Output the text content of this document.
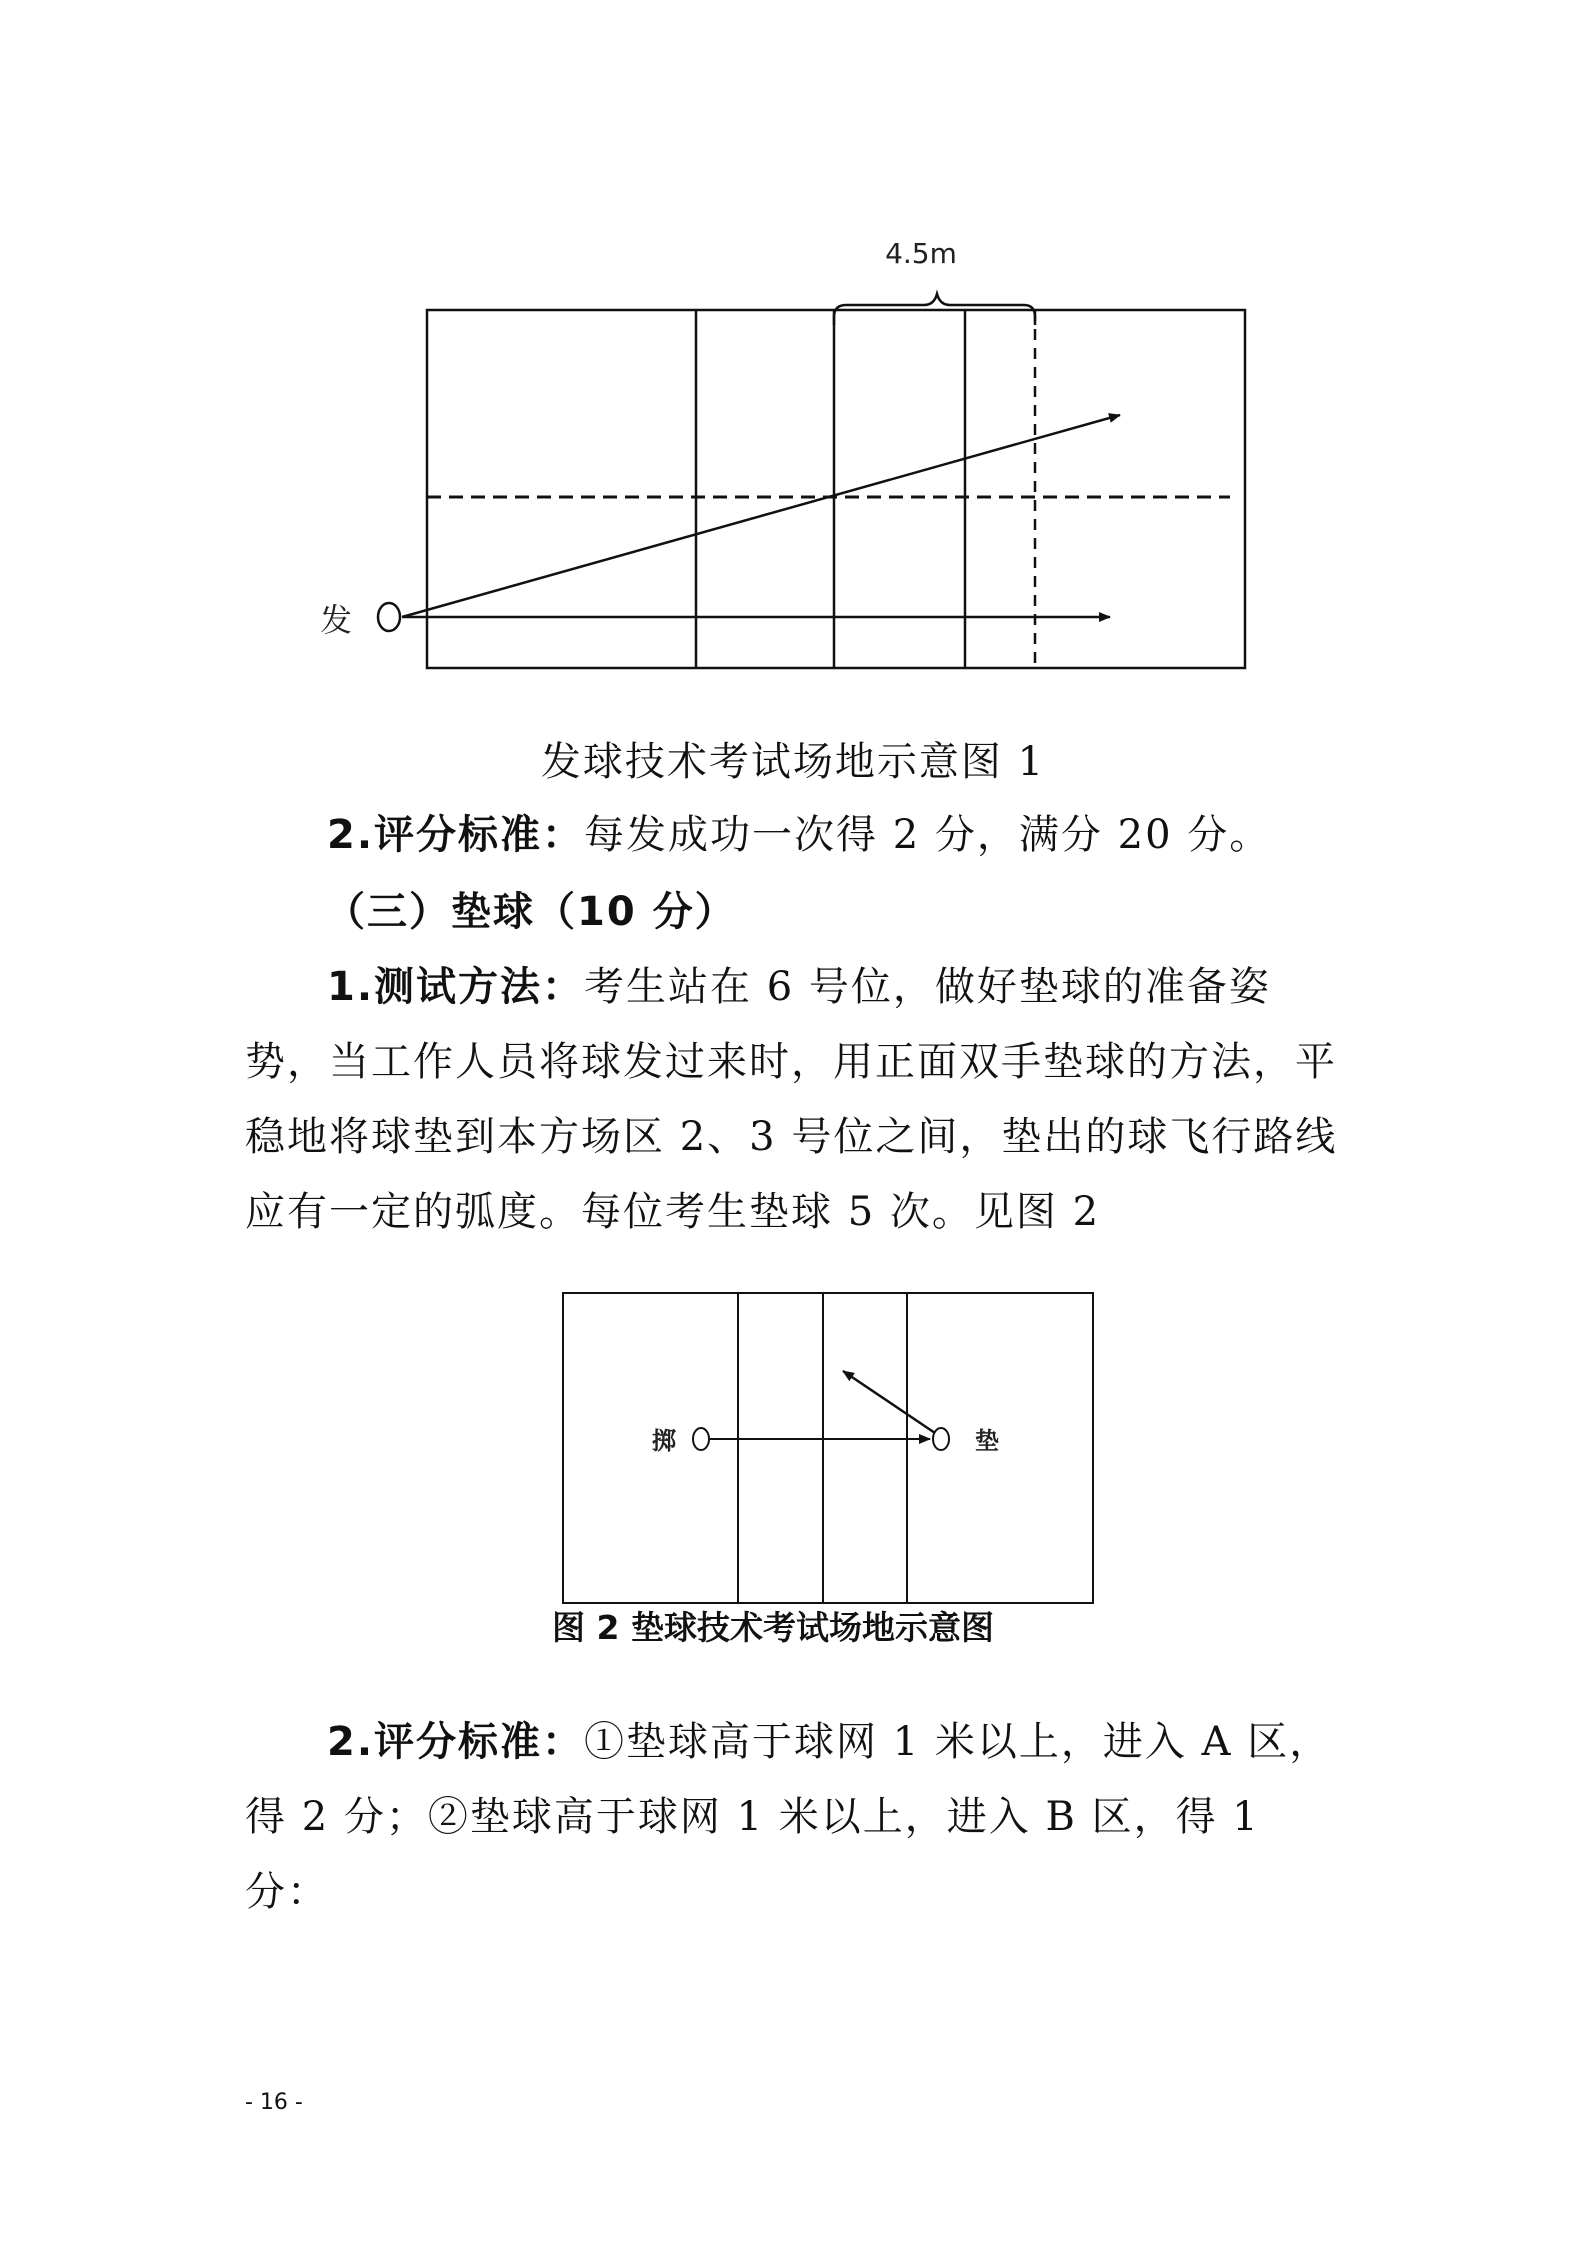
4.5m
发
发球技术考试场地示意图 1
2.评分标准：每发成功一次得 2 分，满分 20 分。
（三）垫球（10 分）
1.测试方法：考生站在 6 号位，做好垫球的准备姿势，当工作人员将球发过来时，用正面双手垫球的方法，平稳地将球垫到本方场区 2、3 号位之间，垫出的球飞行路线应有一定的弧度。每位考生垫球 5 次。见图 2
掷	垫
图 2 垫球技术考试场地示意图
2.评分标准：①垫球高于球网 1 米以上，进入 A 区，得 2 分；②垫球高于球网 1 米以上，进入 B 区，得 1 分：
- 16 -
